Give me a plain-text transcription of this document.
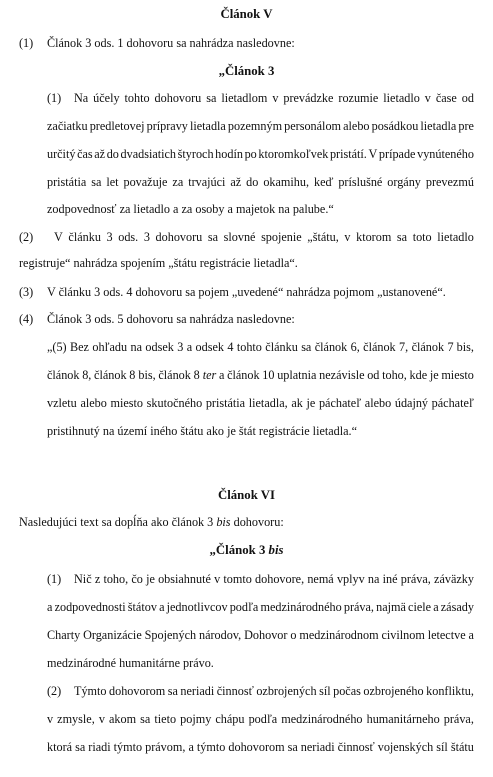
Článok V
(1) Článok 3 ods. 1 dohovoru sa nahrádza nasledovne:
„Článok 3
(1) Na účely tohto dohovoru sa lietadlom v prevádzke rozumie lietadlo v čase od
začiatku predletovej prípravy lietadla pozemným personálom alebo posádkou lietadla pre
určitý čas až do dvadsiatich štyroch hodín po ktoromkoľvek pristátí. V prípade vynúteného
pristátia sa let považuje za trvajúci až do okamihu, keď príslušné orgány prevezmú
zodpovednosť za lietadlo a za osoby a majetok na palube.“
(2) V článku 3 ods. 3 dohovoru sa slovné spojenie „štátu, v ktorom sa toto lietadlo
registruje“ nahrádza spojením „štátu registrácie lietadla“.
(3) V článku 3 ods. 4 dohovoru sa pojem „uvedené“ nahrádza pojmom „ustanovené“.
(4) Článok 3 ods. 5 dohovoru sa nahrádza nasledovne:
„(5) Bez ohľadu na odsek 3 a odsek 4 tohto článku sa článok 6, článok 7, článok 7 bis,
článok 8, článok 8 bis, článok 8 ter a článok 10 uplatnia nezávisle od toho, kde je miesto
vzletu alebo miesto skutočného pristátia lietadla, ak je páchateľ alebo údajný páchateľ
pristihnutý na území iného štátu ako je štát registrácie lietadla.“
Článok VI
Nasledujúci text sa dopĺňa ako článok 3 bis dohovoru:
„Článok 3 bis
(1) Nič z toho, čo je obsiahnuté v tomto dohovore, nemá vplyv na iné práva, záväzky
a zodpovednosti štátov a jednotlivcov podľa medzinárodného práva, najmä ciele a zásady
Charty Organizácie Spojených národov, Dohovor o medzinárodnom civilnom letectve a
medzinárodné humanitárne právo.
(2) Týmto dohovorom sa neriadi činnosť ozbrojených síl počas ozbrojeného konfliktu,
v zmysle, v akom sa tieto pojmy chápu podľa medzinárodného humanitárneho práva,
ktorá sa riadi týmto právom, a týmto dohovorom sa neriadi činnosť vojenských síl štátu
